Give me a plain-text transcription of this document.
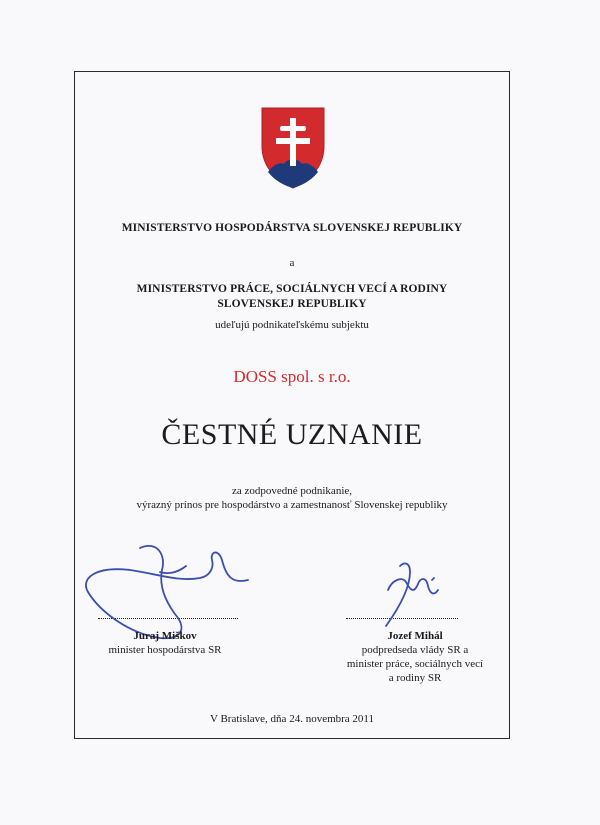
MINISTERSTVO HOSPODÁRSTVA SLOVENSKEJ REPUBLIKY
a
MINISTERSTVO PRÁCE, SOCIÁLNYCH VECÍ A RODINY
SLOVENSKEJ REPUBLIKY
udeľujú podnikateľskému subjektu
DOSS spol. s r.o.
ČESTNÉ UZNANIE
za zodpovedné podnikanie,
výrazný prínos pre hospodárstvo a zamestnanosť Slovenskej republiky
Juraj Miškov
minister hospodárstva SR
Jozef Mihál
podpredseda vlády SR a
minister práce, sociálnych vecí
a rodiny SR
V Bratislave, dňa 24. novembra 2011
